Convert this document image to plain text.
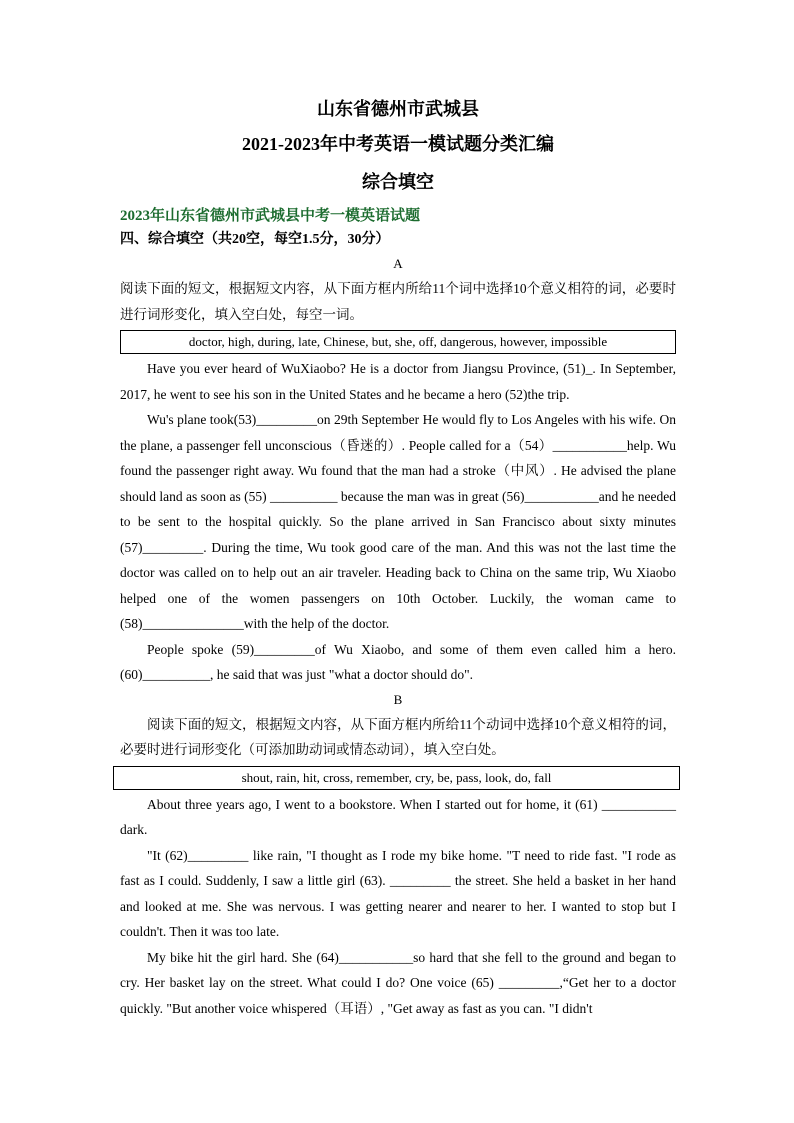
山东省德州市武城县
2021-2023年中考英语一模试题分类汇编
综合填空
2023年山东省德州市武城县中考一模英语试题
四、综合填空（共20空，每空1.5分，30分）
A

阅读下面的短文，根据短文内容，从下面方框内所给11个词中选择10个意义相符的词，必要时进行词形变化，填入空白处，每空一词。

doctor, high, during, late, Chinese, but, she, off, dangerous, however, impossible

Have you ever heard of WuXiaobo? He is a doctor from Jiangsu Province, (51)_. In September, 2017, he went to see his son in the United States and he became a hero (52)the trip.

Wu's plane took(53)_________on 29th September He would fly to Los Angeles with his wife. On the plane, a passenger fell unconscious（昏迷的）. People called for a（54）___________help. Wu found the passenger right away. Wu found that the man had a stroke（中风）. He advised the plane should land as soon as (55) __________ because the man was in great (56)___________and he needed to be sent to the hospital quickly. So the plane arrived in San Francisco about sixty minutes (57)_________. During the time, Wu took good care of the man. And this was not the last time the doctor was called on to help out an air traveler. Heading back to China on the same trip, Wu Xiaobo helped one of the women passengers on 10th October. Luckily, the woman came to (58)_______________with the help of the doctor.

People spoke (59)_________of Wu Xiaobo, and some of them even called him a hero. (60)__________, he said that was just "what a doctor should do".

B

阅读下面的短文，根据短文内容，从下面方框内所给11个动词中选择10个意义相符的词，必要时进行词形变化（可添加助动词或情态动词），填入空白处。

shout, rain, hit, cross, remember, cry, be, pass, look, do, fall

About three years ago, I went to a bookstore. When I started out for home, it (61) ___________ dark.

"It (62)_________ like rain, "I thought as I rode my bike home. "T need to ride fast. "I rode as fast as I could. Suddenly, I saw a little girl (63). _________ the street. She held a basket in her hand and looked at me. She was nervous. I was getting nearer and nearer to her. I wanted to stop but I couldn't. Then it was too late.

My bike hit the girl hard. She (64)___________so hard that she fell to the ground and began to cry. Her basket lay on the street. What could I do? One voice (65) _________,“Get her to a doctor quickly. "But another voice whispered（耳语）, "Get away as fast as you can. "I didn't
